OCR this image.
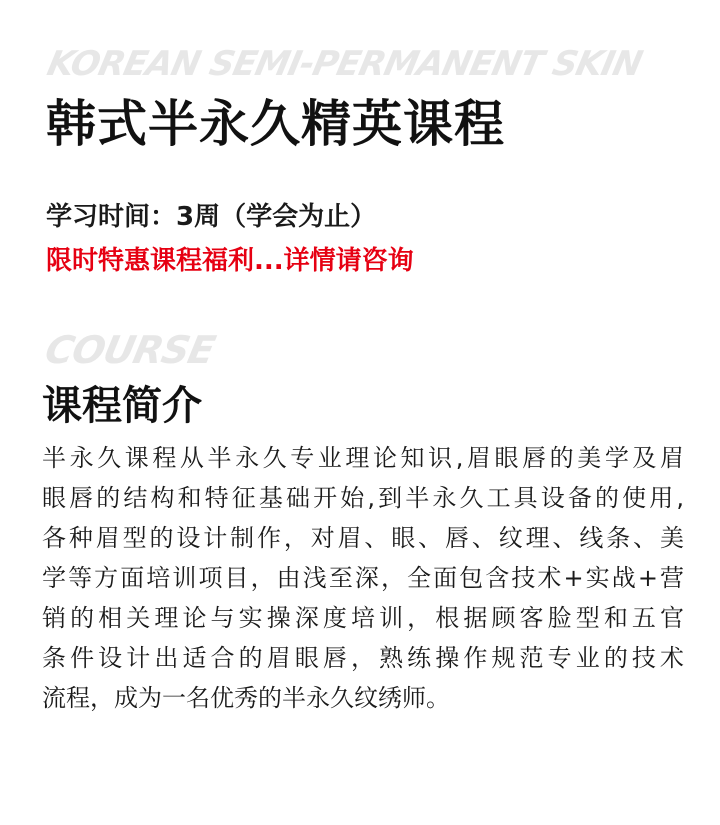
KOREAN SEMI-PERMANENT SKIN
韩式半永久精英课程
学习时间：3周（学会为止）
限时特惠课程福利...详情请咨询
COURSE
课程简介
半永久课程从半永久专业理论知识,眉眼唇的美学及眉
眼唇的结构和特征基础开始,到半永久工具设备的使用,
各种眉型的设计制作，对眉、眼、唇、纹理、线条、美
学等方面培训项目，由浅至深，全面包含技术+实战+营
销的相关理论与实操深度培训，根据顾客脸型和五官
条件设计出适合的眉眼唇，熟练操作规范专业的技术
流程，成为一名优秀的半永久纹绣师。
